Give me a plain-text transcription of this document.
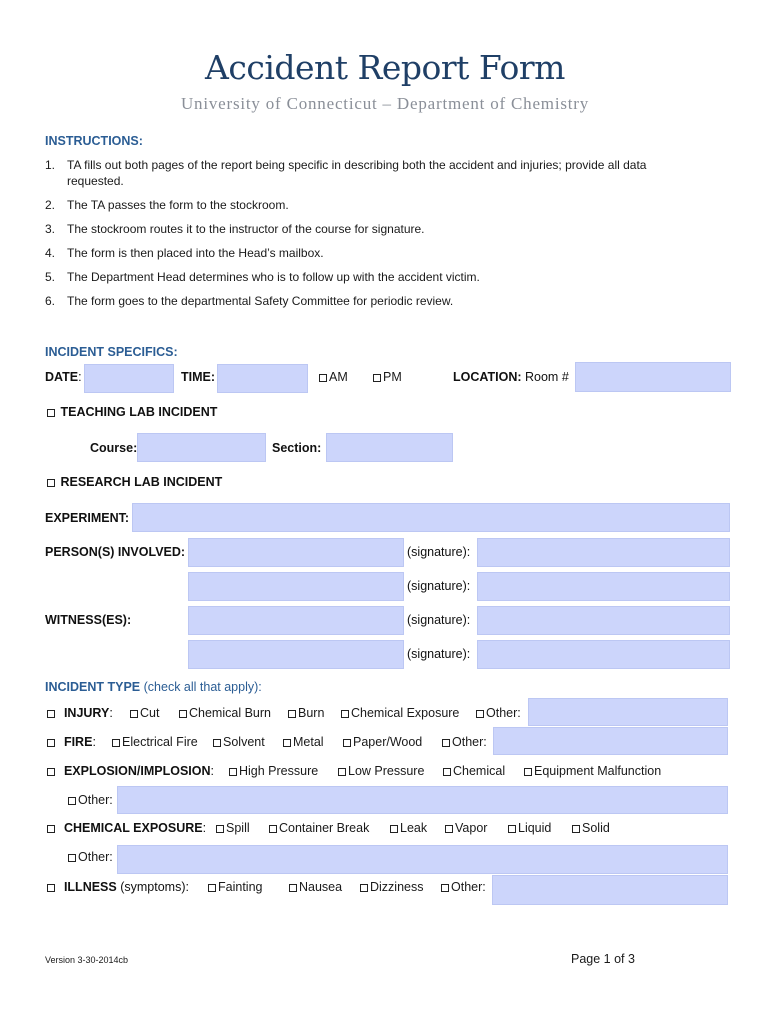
Accident Report Form
University of Connecticut – Department of Chemistry
INSTRUCTIONS:
1. TA fills out both pages of the report being specific in describing both the accident and injuries; provide all data requested.
2. The TA passes the form to the stockroom.
3. The stockroom routes it to the instructor of the course for signature.
4. The form is then placed into the Head’s mailbox.
5. The Department Head determines who is to follow up with the accident victim.
6. The form goes to the departmental Safety Committee for periodic review.
INCIDENT SPECIFICS:
DATE:	TIME:	AM	PM	LOCATION: Room #
TEACHING LAB INCIDENT
Course:	Section:
RESEARCH LAB INCIDENT
EXPERIMENT:
PERSON(S) INVOLVED:	(signature):
(signature):
WITNESS(ES):	(signature):
(signature):
INCIDENT TYPE (check all that apply):
INJURY:	Cut	Chemical Burn	Burn	Chemical Exposure	Other:
FIRE:	Electrical Fire	Solvent	Metal	Paper/Wood	Other:
EXPLOSION/IMPLOSION:	High Pressure	Low Pressure	Chemical	Equipment Malfunction
Other:
CHEMICAL EXPOSURE:	Spill	Container Break	Leak	Vapor	Liquid	Solid
Other:
ILLNESS (symptoms):	Fainting	Nausea	Dizziness	Other:
Version 3-30-2014cb	Page 1 of 3
